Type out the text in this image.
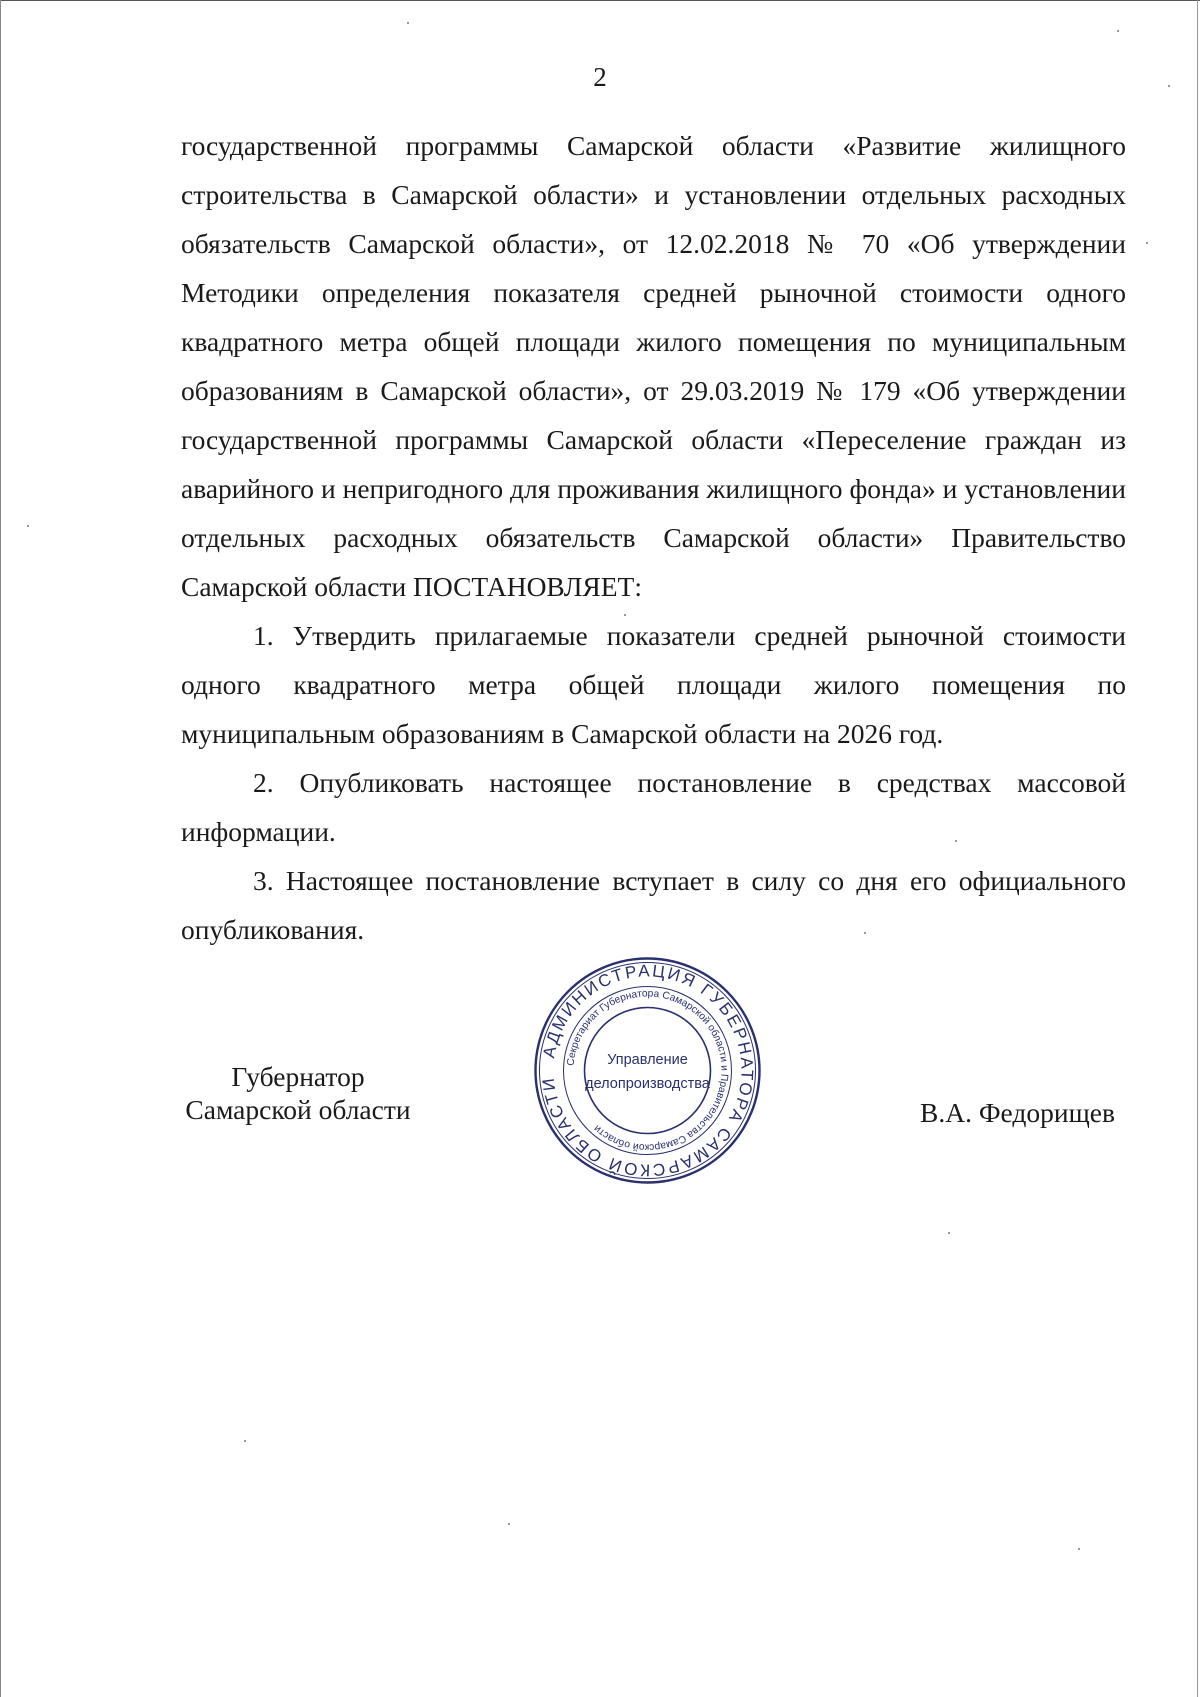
2

государственной программы Самарской области «Развитие жилищного строительства в Самарской области» и установлении отдельных расходных обязательств Самарской области», от 12.02.2018 № 70 «Об утверждении Методики определения показателя средней рыночной стоимости одного квадратного метра общей площади жилого помещения по муниципальным образованиям в Самарской области», от 29.03.2019 № 179 «Об утверждении государственной программы Самарской области «Переселение граждан из аварийного и непригодного для проживания жилищного фонда» и установлении отдельных расходных обязательств Самарской области» Правительство Самарской области ПОСТАНОВЛЯЕТ:

1. Утвердить прилагаемые показатели средней рыночной стоимости одного квадратного метра общей площади жилого помещения по муниципальным образованиям в Самарской области на 2026 год.

2. Опубликовать настоящее постановление в средствах массовой информации.

3. Настоящее постановление вступает в силу со дня его официального опубликования.

Губернатор
Самарской области	В.А. Федорищев
АДМИНИСТРАЦИЯ ГУБЕРНАТОРА САМАРСКОЙ ОБЛАСТИ
Секретариат Губернатора Самарской области и Правительства Самарской области
Управление
делопроизводства
